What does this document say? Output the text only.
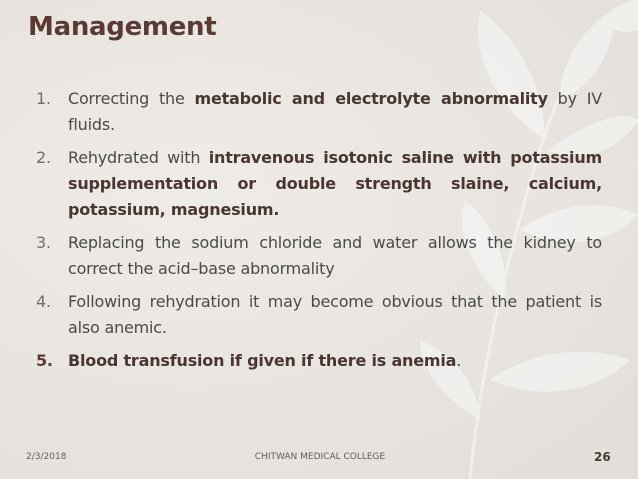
Management
1. Correcting the metabolic and electrolyte abnormality by IV fluids.
2. Rehydrated with intravenous isotonic saline with potassium supplementation or double strength slaine, calcium, potassium, magnesium.
3. Replacing the sodium chloride and water allows the kidney to correct the acid–base abnormality
4. Following rehydration it may become obvious that the patient is also anemic.
5. Blood transfusion if given if there is anemia.
2/3/2018	CHITWAN MEDICAL COLLEGE	26
